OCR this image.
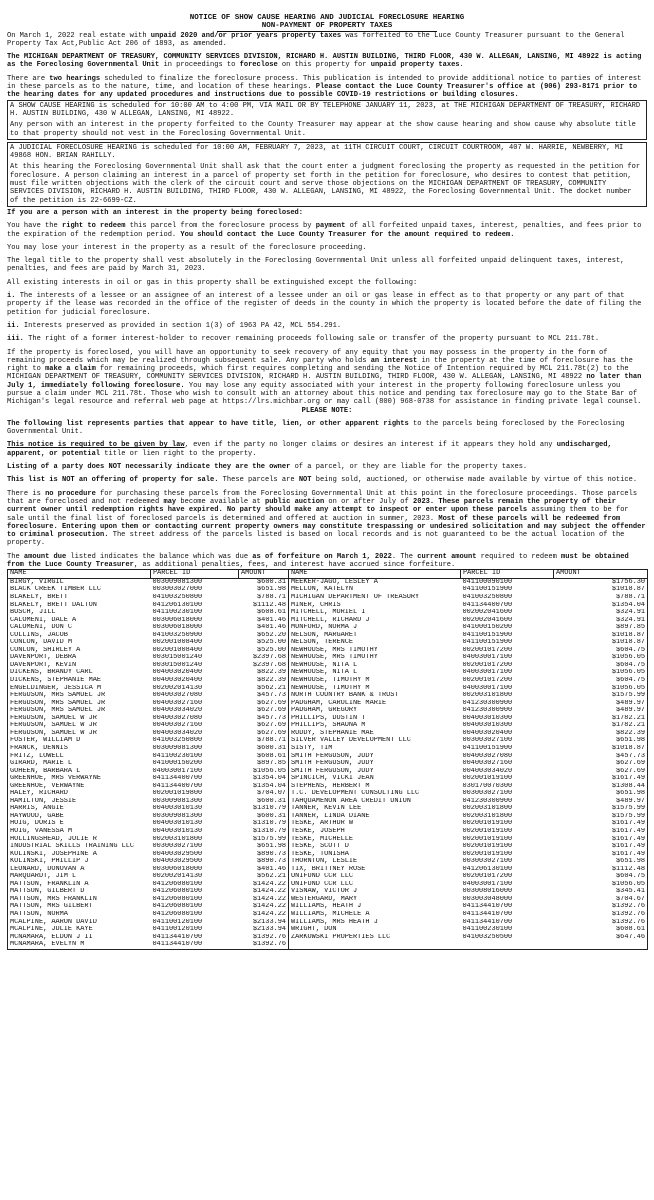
NOTICE OF SHOW CAUSE HEARING AND JUDICIAL FORECLOSURE HEARING
NON-PAYMENT OF PROPERTY TAXES

On March 1, 2022 real estate with unpaid 2020 and/or prior years property taxes was forfeited to the Luce County Treasurer pursuant to the General Property Tax Act,Public Act 206 of 1893, as amended.

The MICHIGAN DEPARTMENT OF TREASURY, COMMUNITY SERVICES DIVISION, RICHARD H. AUSTIN BUILDING, THIRD FLOOR, 430 W. ALLEGAN, LANSING, MI 48922 is acting as the Foreclosing Governmental Unit in proceedings to foreclose on this property for unpaid property taxes.

There are two hearings scheduled to finalize the foreclosure process. This publication is intended to provide additional notice to parties of interest in these parcels as to the nature, time, and location of these hearings. Please contact the Luce County Treasurer's office at (906) 293-8171 prior to the hearing dates for any updated procedures and instructions due to possible COVID-19 restrictions or building closures.

A SHOW CAUSE HEARING is scheduled for 10:00 AM to 4:00 PM, VIA MAIL OR BY TELEPHONE JANUARY 11, 2023, at THE MICHIGAN DEPARTMENT OF TREASURY, RICHARD H. AUSTIN BUILDING, 430 W ALLEGAN, LANSING, MI 48922.

Any person with an interest in the property forfeited to the County Treasurer may appear at the show cause hearing and show cause why absolute title to that property should not vest in the Foreclosing Governmental Unit.

A JUDICIAL FORECLOSURE HEARING is scheduled for 10:00 AM, FEBRUARY 7, 2023, at 11TH CIRCUIT COURT, CIRCUIT COURTROOM, 407 W. HARRIE, NEWBERRY, MI 49868 HON. BRIAN RAHILLY.

At this hearing the Foreclosing Governmental Unit shall ask that the court enter a judgment foreclosing the property as requested in the petition for foreclosure. A person claiming an interest in a parcel of property set forth in the petition for foreclosure, who desires to contest that petition, must file written objections with the clerk of the circuit court and serve those objections on the MICHIGAN DEPARTMENT OF TREASURY, COMMUNITY SERVICES DIVISION, RICHARD H. AUSTIN BUILDING, THIRD FLOOR, 430 W. ALLEGAN, LANSING, MI 48922, the Foreclosing Governmental Unit. The docket number of the petition is 22-6699-CZ.

If you are a person with an interest in the property being foreclosed:

You have the right to redeem this parcel from the foreclosure process by payment of all forfeited unpaid taxes, interest, penalties, and fees prior to the expiration of the redemption period. You should contact the Luce County Treasurer for the amount required to redeem.

You may lose your interest in the property as a result of the foreclosure proceeding.

The legal title to the property shall vest absolutely in the Foreclosing Governmental Unit unless all forfeited unpaid delinquent taxes, interest, penalties, and fees are paid by March 31, 2023.

All existing interests in oil or gas in this property shall be extinguished except the following:

i. The interests of a lessee or an assignee of an interest of a lessee under an oil or gas lease in effect as to that property or any part of that property if the lease was recorded in the office of the register of deeds in the county in which the property is located before the date of filing the petition for judicial foreclosure.

ii. Interests preserved as provided in section 1(3) of 1963 PA 42, MCL 554.291.

iii. The right of a former interest-holder to recover remaining proceeds following sale or transfer of the property pursuant to MCL 211.78t.

If the property is foreclosed, you will have an opportunity to seek recovery of any equity that you may possess in the property in the form of remaining proceeds which may be realized through subsequent sale. Any party who holds an interest in the property at the time of foreclosure has the right to make a claim for remaining proceeds, which first requires completing and sending the Notice of Intention required by MCL 211.78t(2) to the MICHIGAN DEPARTMENT OF TREASURY, COMMUNITY SERVICES DIVISION, RICHARD H. AUSTIN BUILDING, THIRD FLOOR, 430 W. ALLEGAN, LANSING, MI 48922 no later than July 1, immediately following foreclosure. You may lose any equity associated with your interest in the property following foreclosure unless you pursue a claim under MCL 211.78t. Those who wish to consult with an attorney about this notice and pending tax foreclosure may go to the State Bar of Michigan's legal resource and referral web page at https://lrs.michbar.org or may call (800) 968-0738 for assistance in finding private legal counsel.

PLEASE NOTE:

The following list represents parties that appear to have title, lien, or other apparent rights to the parcels being foreclosed by the Foreclosing Governmental Unit.

This notice is required to be given by law, even if the party no longer claims or desires an interest if it appears they hold any undischarged, apparent, or potential title or lien right to the property.

Listing of a party does NOT necessarily indicate they are the owner of a parcel, or they are liable for the property taxes.

This list is NOT an offering of property for sale. These parcels are NOT being sold, auctioned, or otherwise made available by virtue of this notice.

There is no procedure for purchasing these parcels from the Foreclosing Governmental Unit at this point in the foreclosure proceedings. Those parcels that are foreclosed and not redeemed may become available at public auction on or after July of 2023. These parcels remain the property of their current owner until redemption rights have expired. No party should make any attempt to inspect or enter upon these parcels assuming them to be for sale until the final list of foreclosed parcels is determined and offered at auction in summer, 2023. Most of these parcels will be redeemed from foreclosure. Entering upon them or contacting current property owners may constitute trespassing or undesired solicitation and may subject the offender to criminal prosecution. The street address of the parcels listed is based on local records and is not guaranteed to be the actual location of the property.

The amount due listed indicates the balance which was due as of forfeiture on March 1, 2022. The current amount required to redeem must be obtained from the Luce County Treasurer, as additional penalties, fees, and interest have accrued since forfeiture.

NAME	PARCEL ID	AMOUNT	NAME	PARCEL ID	AMOUNT
BIRGY, VIRGIL	003009081300	$600.31	MEEKER-JAGO, LESLEY A	041100090100	$1756.30
BLACK CREEK TIMBER LLC	003003027000	$651.98	MELLON, KATELYN	041100151900	$1018.87
BLAKELY, BRETT	041003250800	$788.71	MICHIGAN DEPARTMENT OF TREASURY	041003250800	$788.71
BLAKELY, BRETT DALTON	041206130100	$1112.48	MINER, CHRIS	041134400700	$1354.04
BUSCH, JILL	041100230100	$608.61	MITCHELL, MURIEL I	002002041600	$324.91
CALOMENI, DALE A	003006018000	$401.46	MITCHELL, RICHARD J	002002041600	$324.91
CALOMENI, DON C	003006018000	$401.46	MUNFORD, NORMA J	041000150200	$897.85
COLLINS, JACOB	041003250900	$652.20	NELSON, MARGARET	041100151900	$1018.87
CONLON, DAVID M	002001008400	$525.00	NELSON, TERENCE	041100151900	$1018.87
CONLON, SHIRLEY A	002001008400	$525.00	NEWHOUSE, MRS TIMOTHY	002001017200	$604.75
DAVENPORT, DEBRA	003015001240	$2397.68	NEWHOUSE, MRS TIMOTHY	040030017100	$1056.05
DAVENPORT, KEVIN	003015001240	$2397.68	NEWHOUSE, NITA L	002001017200	$604.75
DICKENS, BRANDY CARL	004003020400	$822.39	NEWHOUSE, NITA L	040030017100	$1056.05
DICKENS, STEPHANIE MAE	004003020400	$822.39	NEWHOUSE, TIMOTHY M	002001017200	$604.75
ENGELDINGER, JESSICA M	002002014130	$562.21	NEWHOUSE, TIMOTHY M	040030017100	$1056.05
FERGUSON, MRS SAMUEL JR	004003027080	$457.73	NORTH COUNTRY BANK & TRUST	002003101800	$1575.99
FERGUSON, MRS SAMUEL JR	004003027160	$627.69	PADGHAM, CAROLINE MARIE	041230300900	$489.97
FERGUSON, MRS SAMUEL JR	004003034020	$627.69	PADGHAM, GREGORY	041230300900	$489.97
FERGUSON, SAMUEL W JR	004003027080	$457.73	PHILLIPS, DUSTIN T	004003010300	$1782.21
FERGUSON, SAMUEL W JR	004003027160	$627.69	PHILLIPS, SHAUNA M	004003010300	$1782.21
FERGUSON, SAMUEL W JR	004003034020	$627.69	RUDDY, STEPHANIE MAE	004003020400	$822.39
FOSTER, WILLIAM D	041003250800	$788.71	SILVER VALLEY DEVELOPMENT LLC	003003027100	$651.98
FRANCK, DENNIS	003009081300	$600.31	SISTY, TIM	041100151900	$1018.87
FRITZ, LOWELL	041100230100	$608.61	SMITH FERGUSON, JUDY	004003027080	$457.73
GIRARD, MARIE L	041000150200	$897.85	SMITH FERGUSON, JUDY	004003027160	$627.69
GOHEEN, BARBARA L	040030017100	$1056.05	SMITH FERGUSON, JUDY	004003034020	$627.69
GREENHOE, MRS VERWAYNE	041134400700	$1354.04	SPINCICH, VICKI JEAN	002001019100	$1617.49
GREENHOE, VERWAYNE	041134400700	$1354.04	STEPHENS, HERBERT M	030170070300	$1308.44
HALEY, RICHARD	002001019800	$704.07	T.C. DEVELOPMENT CONSULTING LLC	003003027100	$651.98
HAMILTON, JESSIE	003009081300	$600.31	TAHQUAMENON AREA CREDIT UNION	041230300900	$489.97
HARRIS, ANGIE	004003010130	$1310.79	TANNER, KEVIN LEE	002003101800	$1575.99
HAYWOOD, GABE	003009081300	$600.31	TANNER, LINDA DIANE	002003101800	$1575.99
HOIG, DORIS E	004003010130	$1310.79	TESKE, ARTHUR W	002001019100	$1617.49
HOIG, VANESSA M	004003010130	$1310.79	TESKE, JOSEPH	002001019100	$1617.49
HOLLINGSHEAD, JULIE R	002003101800	$1575.99	TESKE, MICHELLE	002001019100	$1617.49
INDUSTRIAL SKILLS TRAINING LLC	003003027100	$651.98	TESKE, SCOTT D	002001019100	$1617.49
KOLINSKI, JOSEPHINE A	004003029500	$890.73	TESKE, TONISHA	002001019100	$1617.49
KOLINSKI, PHILLIP J	004003029500	$890.73	THORNTON, LESLIE	003003027100	$651.98
LEONARD, DONOVAN A	003006018000	$401.46	TIX, BRITTNEY ROSE	041206130100	$1112.48
MARQUARDT, JIM L	002002014130	$562.21	UNIFUND CCR LLC	002001017200	$604.75
MATTSON, FRANKLIN A	041206080100	$1424.22	UNIFUND CCR LLC	040030017100	$1056.05
MATTSON, GILBERT D	041206080100	$1424.22	VISNAW, VICTOR J	003008016000	$345.41
MATTSON, MRS FRANKLIN	041206080100	$1424.22	WESTERGARD, MARY	003003048000	$704.67
MATTSON, MRS GILBERT	041206080100	$1424.22	WILLIAMS, HEATH J	041134410700	$1392.76
MATTSON, NORMA	041206080100	$1424.22	WILLIAMS, MICHELE A	041134410700	$1392.76
MCALPINE, AARON DAVID	041100120100	$2133.94	WILLIAMS, MRS HEATH J	041134410700	$1392.76
MCALPINE, JULIE KAYE	041100120100	$2133.94	WRIGHT, DON	041100230100	$608.61
MCNAMARA, ELDON J II	041134410700	$1392.76	ZARKOWSKI PROPERTIES LLC	041003250500	$647.46
MCNAMARA, EVELYN M	041134410700	$1392.76			
